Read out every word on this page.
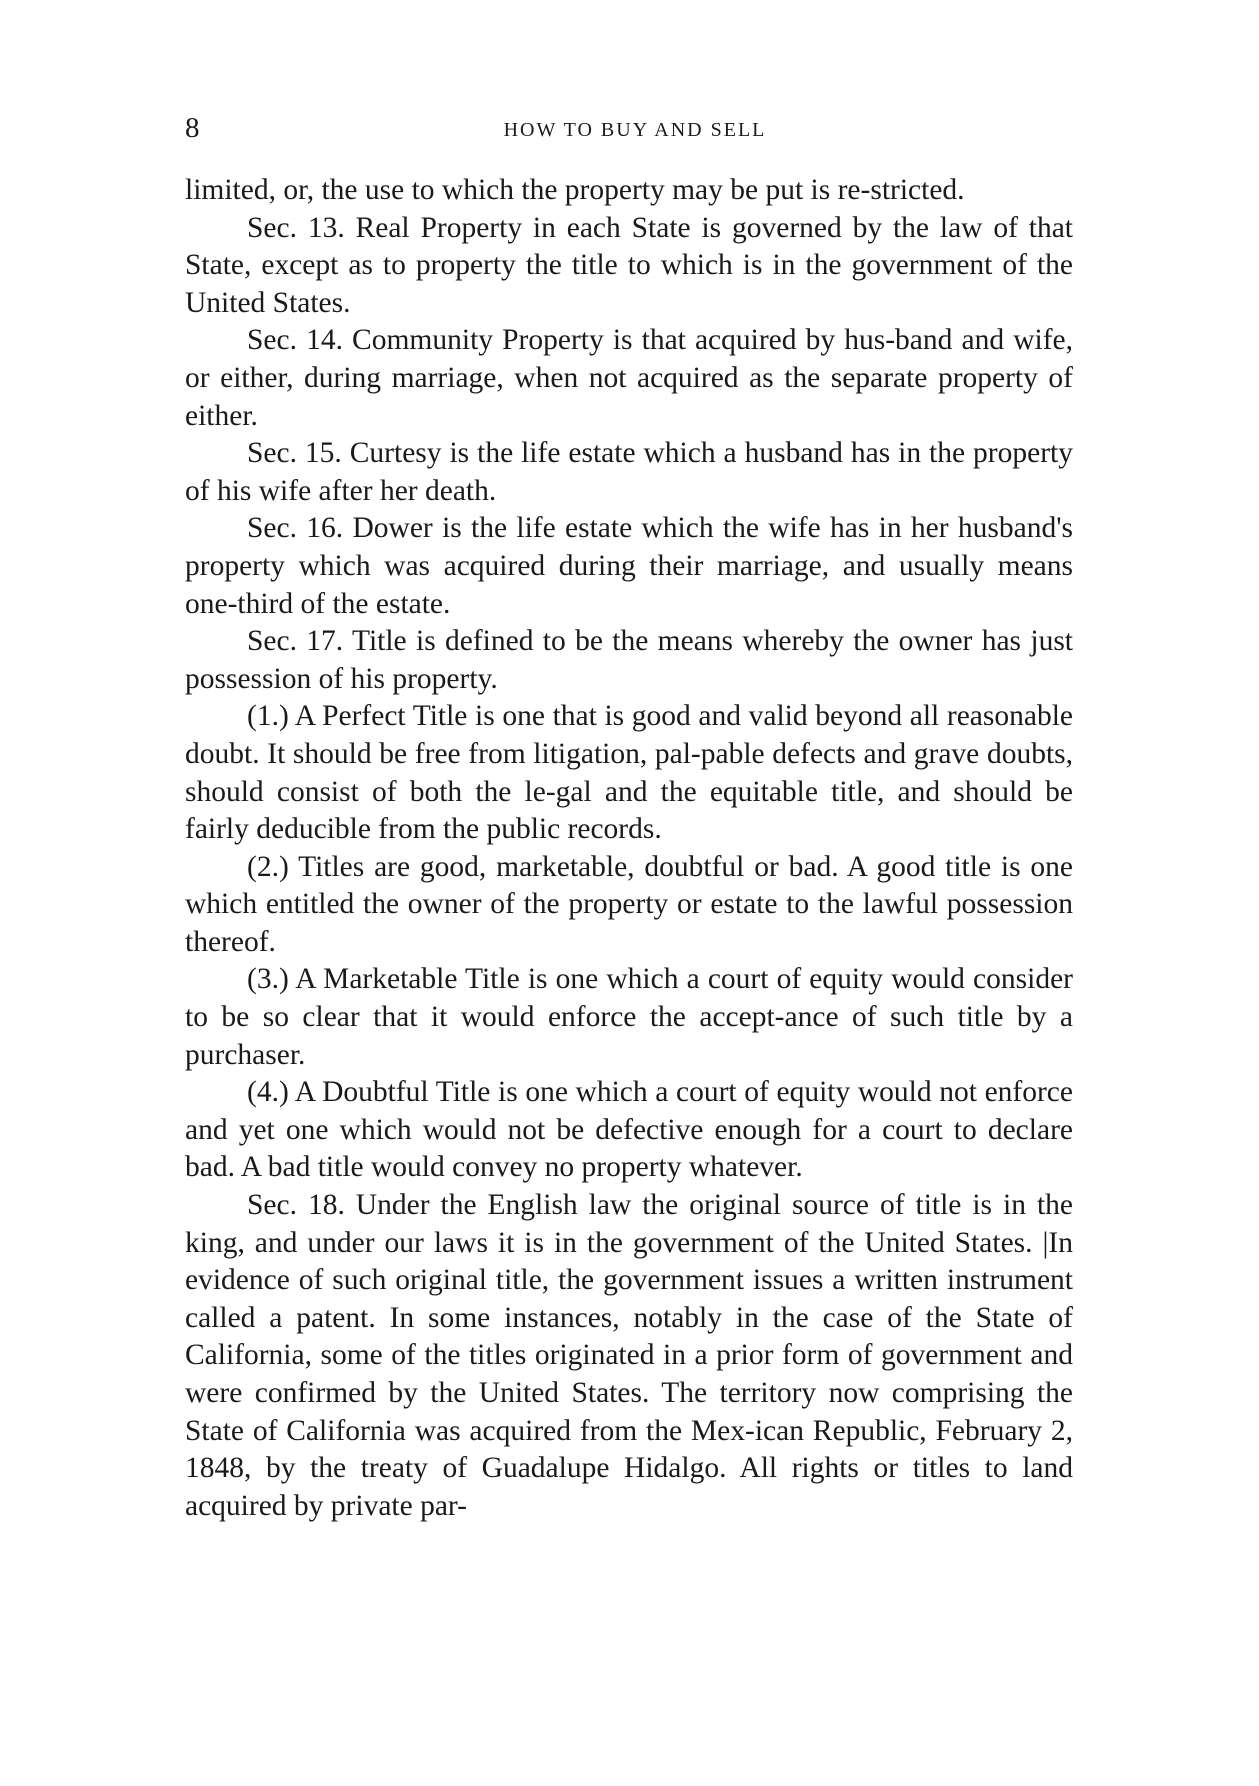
8	HOW TO BUY AND SELL

limited, or, the use to which the property may be put is re-stricted.

Sec. 13. Real Property in each State is governed by the law of that State, except as to property the title to which is in the government of the United States.

Sec. 14. Community Property is that acquired by hus-band and wife, or either, during marriage, when not acquired as the separate property of either.

Sec. 15. Curtesy is the life estate which a husband has in the property of his wife after her death.

Sec. 16. Dower is the life estate which the wife has in her husband's property which was acquired during their marriage, and usually means one-third of the estate.

Sec. 17. Title is defined to be the means whereby the owner has just possession of his property.

(1.) A Perfect Title is one that is good and valid beyond all reasonable doubt. It should be free from litigation, pal-pable defects and grave doubts, should consist of both the le-gal and the equitable title, and should be fairly deducible from the public records.

(2.) Titles are good, marketable, doubtful or bad. A good title is one which entitled the owner of the property or estate to the lawful possession thereof.

(3.) A Marketable Title is one which a court of equity would consider to be so clear that it would enforce the accept-ance of such title by a purchaser.

(4.) A Doubtful Title is one which a court of equity would not enforce and yet one which would not be defective enough for a court to declare bad. A bad title would convey no property whatever.

Sec. 18. Under the English law the original source of title is in the king, and under our laws it is in the government of the United States. |In evidence of such original title, the government issues a written instrument called a patent. In some instances, notably in the case of the State of California, some of the titles originated in a prior form of government and were confirmed by the United States. The territory now comprising the State of California was acquired from the Mex-ican Republic, February 2, 1848, by the treaty of Guadalupe Hidalgo. All rights or titles to land acquired by private par-
